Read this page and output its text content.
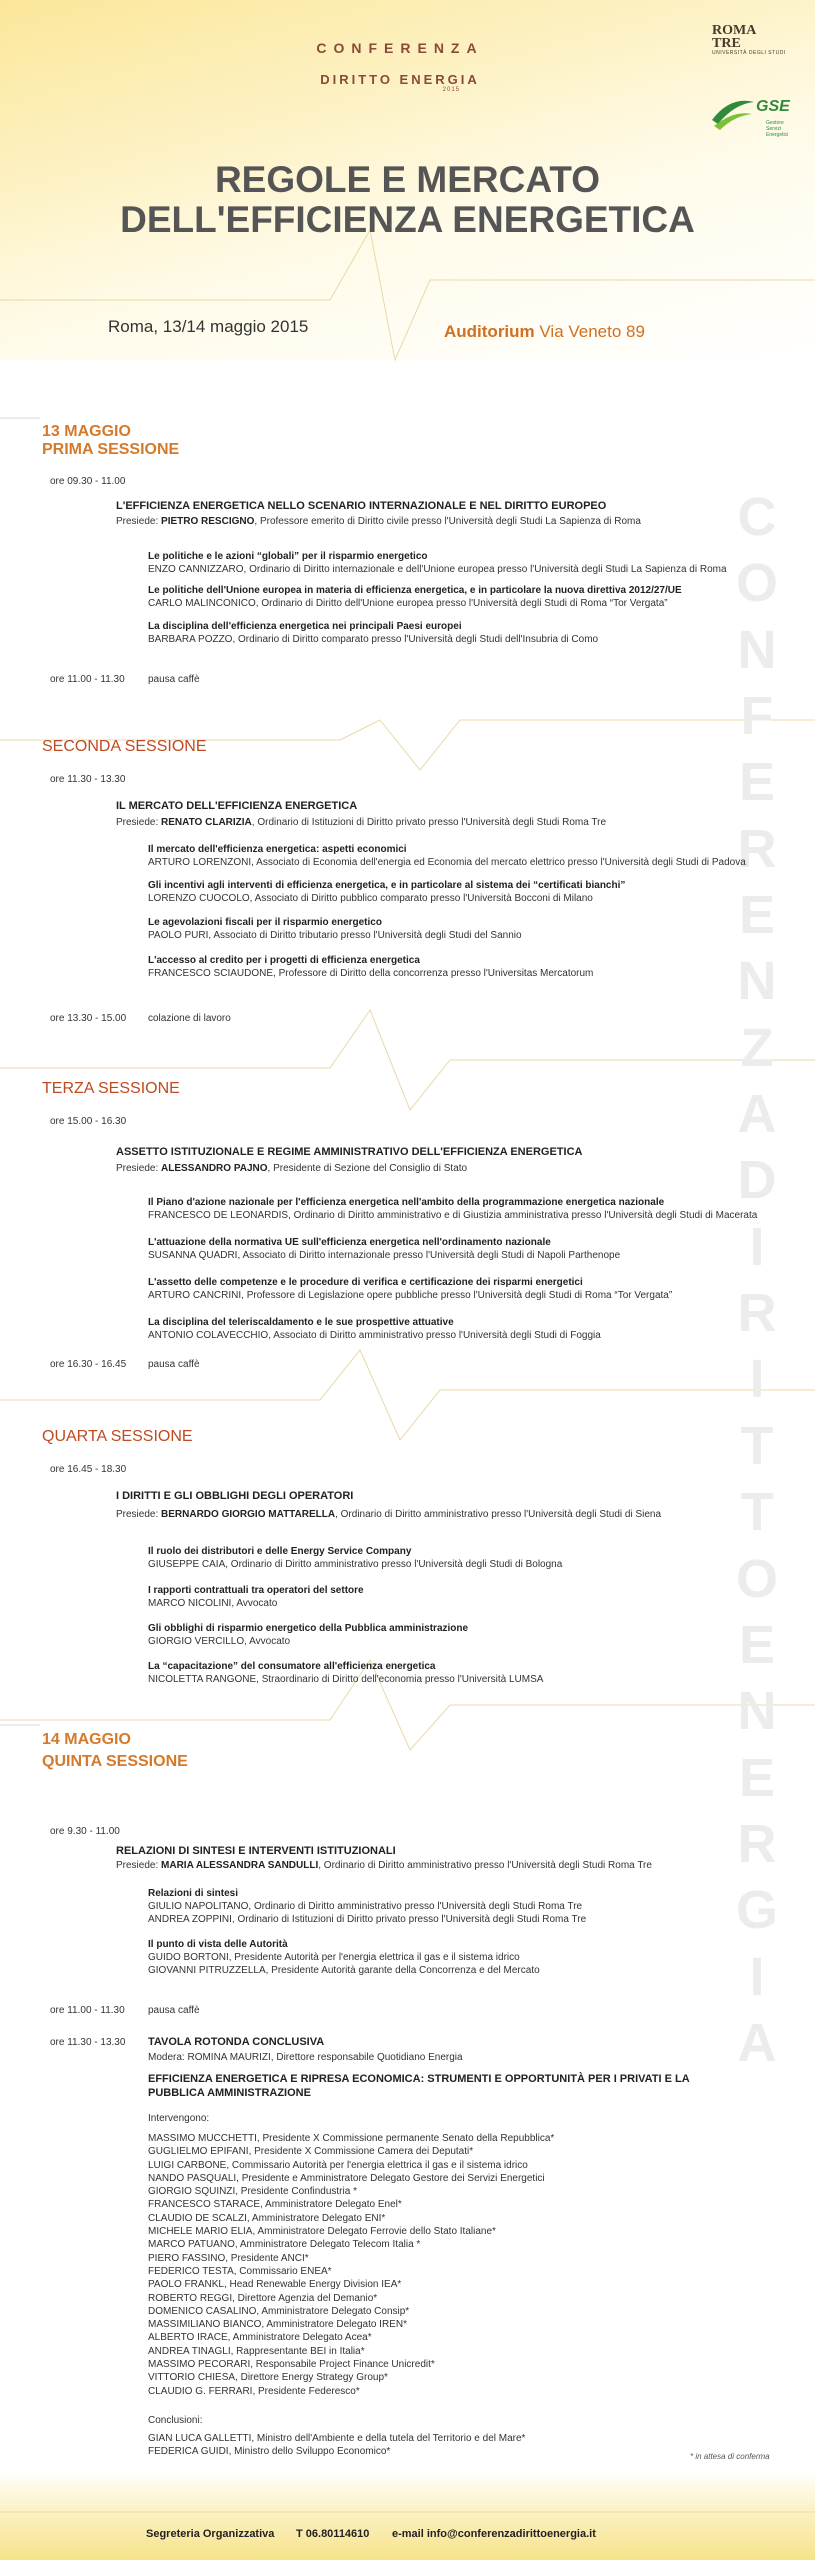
C
O
N
F
E
R
E
N
Z
A
D
I
R
I
T
T
O
E
N
E
R
G
I
A
CONFERENZA
DIRITTO ENERGIA
2015
ROMA
TRE
UNIVERSITÀ DEGLI STUDI
GSE
Gestore
Servizi
Energetici
REGOLE E MERCATO
DELL'EFFICIENZA ENERGETICA
Roma, 13/14 maggio 2015	Auditorium Via Veneto 89
13 MAGGIO
PRIMA SESSIONE
ore 09.30 - 11.00
L'EFFICIENZA ENERGETICA NELLO SCENARIO INTERNAZIONALE E NEL DIRITTO EUROPEO
Presiede: PIETRO RESCIGNO, Professore emerito di Diritto civile presso l'Università degli Studi La Sapienza di Roma
Le politiche e le azioni “globali” per il risparmio energetico
ENZO CANNIZZARO, Ordinario di Diritto internazionale e dell'Unione europea presso l'Università degli Studi La Sapienza di Roma
Le politiche dell'Unione europea in materia di efficienza energetica, e in particolare la nuova direttiva 2012/27/UE
CARLO MALINCONICO, Ordinario di Diritto dell'Unione europea presso l'Università degli Studi di Roma “Tor Vergata”
La disciplina dell'efficienza energetica nei principali Paesi europei
BARBARA POZZO, Ordinario di Diritto comparato presso l'Università degli Studi dell'Insubria di Como
ore 11.00 - 11.30 pausa caffè
SECONDA SESSIONE
ore 11.30 - 13.30
IL MERCATO DELL'EFFICIENZA ENERGETICA
Presiede: RENATO CLARIZIA, Ordinario di Istituzioni di Diritto privato presso l'Università degli Studi Roma Tre
Il mercato dell'efficienza energetica: aspetti economici
ARTURO LORENZONI, Associato di Economia dell'energia ed Economia del mercato elettrico presso l'Università degli Studi di Padova
Gli incentivi agli interventi di efficienza energetica, e in particolare al sistema dei “certificati bianchi”
LORENZO CUOCOLO, Associato di Diritto pubblico comparato presso l'Università Bocconi di Milano
Le agevolazioni fiscali per il risparmio energetico
PAOLO PURI, Associato di Diritto tributario presso l'Università degli Studi del Sannio
L'accesso al credito per i progetti di efficienza energetica
FRANCESCO SCIAUDONE, Professore di Diritto della concorrenza presso l'Universitas Mercatorum
ore 13.30 - 15.00 colazione di lavoro
TERZA SESSIONE
ore 15.00 - 16.30
ASSETTO ISTITUZIONALE E REGIME AMMINISTRATIVO DELL'EFFICIENZA ENERGETICA
Presiede: ALESSANDRO PAJNO, Presidente di Sezione del Consiglio di Stato
Il Piano d'azione nazionale per l'efficienza energetica nell'ambito della programmazione energetica nazionale
FRANCESCO DE LEONARDIS, Ordinario di Diritto amministrativo e di Giustizia amministrativa presso l'Università degli Studi di Macerata
L'attuazione della normativa UE sull'efficienza energetica nell'ordinamento nazionale
SUSANNA QUADRI, Associato di Diritto internazionale presso l'Università degli Studi di Napoli Parthenope
L'assetto delle competenze e le procedure di verifica e certificazione dei risparmi energetici
ARTURO CANCRINI, Professore di Legislazione opere pubbliche presso l'Università degli Studi di Roma “Tor Vergata”
La disciplina del teleriscaldamento e le sue prospettive attuative
ANTONIO COLAVECCHIO, Associato di Diritto amministrativo presso l'Università degli Studi di Foggia
ore 16.30 - 16.45 pausa caffè
QUARTA SESSIONE
ore 16.45 - 18.30
I DIRITTI E GLI OBBLIGHI DEGLI OPERATORI
Presiede: BERNARDO GIORGIO MATTARELLA, Ordinario di Diritto amministrativo presso l'Università degli Studi di Siena
Il ruolo dei distributori e delle Energy Service Company
GIUSEPPE CAIA, Ordinario di Diritto amministrativo presso l'Università degli Studi di Bologna
I rapporti contrattuali tra operatori del settore
MARCO NICOLINI, Avvocato
Gli obblighi di risparmio energetico della Pubblica amministrazione
GIORGIO VERCILLO, Avvocato
La “capacitazione” del consumatore all'efficienza energetica
NICOLETTA RANGONE, Straordinario di Diritto dell'economia presso l'Università LUMSA
14 MAGGIO
QUINTA SESSIONE
ore 9.30 - 11.00
RELAZIONI DI SINTESI E INTERVENTI ISTITUZIONALI
Presiede: MARIA ALESSANDRA SANDULLI, Ordinario di Diritto amministrativo presso l'Università degli Studi Roma Tre
Relazioni di sintesi
GIULIO NAPOLITANO, Ordinario di Diritto amministrativo presso l'Università degli Studi Roma Tre
ANDREA ZOPPINI, Ordinario di Istituzioni di Diritto privato presso l'Università degli Studi Roma Tre
Il punto di vista delle Autorità
GUIDO BORTONI, Presidente Autorità per l'energia elettrica il gas e il sistema idrico
GIOVANNI PITRUZZELLA, Presidente Autorità garante della Concorrenza e del Mercato
ore 11.00 - 11.30 pausa caffè
ore 11.30 - 13.30 TAVOLA ROTONDA CONCLUSIVA
Modera: ROMINA MAURIZI, Direttore responsabile Quotidiano Energia
EFFICIENZA ENERGETICA E RIPRESA ECONOMICA: STRUMENTI E OPPORTUNITÀ PER I PRIVATI E LA PUBBLICA AMMINISTRAZIONE
Intervengono:
MASSIMO MUCCHETTI, Presidente X Commissione permanente Senato della Repubblica*
GUGLIELMO EPIFANI, Presidente X Commissione Camera dei Deputati*
LUIGI CARBONE, Commissario Autorità per l'energia elettrica il gas e il sistema idrico
NANDO PASQUALI, Presidente e Amministratore Delegato Gestore dei Servizi Energetici
GIORGIO SQUINZI, Presidente Confindustria *
FRANCESCO STARACE, Amministratore Delegato Enel*
CLAUDIO DE SCALZI, Amministratore Delegato ENI*
MICHELE MARIO ELIA, Amministratore Delegato Ferrovie dello Stato Italiane*
MARCO PATUANO, Amministratore Delegato Telecom Italia *
PIERO FASSINO, Presidente ANCI*
FEDERICO TESTA, Commissario ENEA*
PAOLO FRANKL, Head Renewable Energy Division IEA*
ROBERTO REGGI, Direttore Agenzia del Demanio*
DOMENICO CASALINO, Amministratore Delegato Consip*
MASSIMILIANO BIANCO, Amministratore Delegato IREN*
ALBERTO IRACE, Amministratore Delegato Acea*
ANDREA TINAGLI, Rappresentante BEI in Italia*
MASSIMO PECORARI, Responsabile Project Finance Unicredit*
VITTORIO CHIESA, Direttore Energy Strategy Group*
CLAUDIO G. FERRARI, Presidente Federesco*
Conclusioni:
GIAN LUCA GALLETTI, Ministro dell'Ambiente e della tutela del Territorio e del Mare*
FEDERICA GUIDI, Ministro dello Sviluppo Economico*	* in attesa di conferma
Segreteria Organizzativa T 06.80114610 e-mail info@conferenzadirittoenergia.it
